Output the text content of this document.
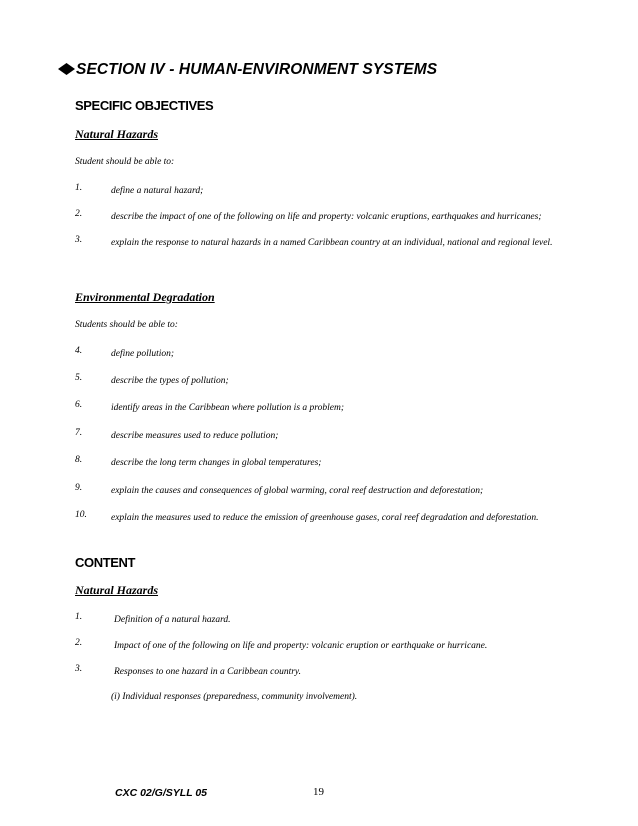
SECTION IV - HUMAN-ENVIRONMENT SYSTEMS
SPECIFIC OBJECTIVES
Natural Hazards
Student should be able to:
1.	define a natural hazard;
2.	describe the impact of one of the following on life and property: volcanic eruptions, earthquakes and hurricanes;
3.	explain the response to natural hazards in a named Caribbean country at an individual, national and regional level.
Environmental Degradation
Students should be able to:
4.	define pollution;
5.	describe the types of pollution;
6.	identify areas in the Caribbean where pollution is a problem;
7.	describe measures used to reduce pollution;
8.	describe the long term changes in global temperatures;
9.	explain the causes and consequences of global warming, coral reef destruction and deforestation;
10.	explain the measures used to reduce the emission of greenhouse gases, coral reef degradation and deforestation.
CONTENT
Natural Hazards
1.	Definition of a natural hazard.
2.	Impact of one of the following on life and property: volcanic eruption or earthquake or hurricane.
3.	Responses to one hazard in a Caribbean country.
(i) Individual responses (preparedness, community involvement).
CXC 02/G/SYLL 05	19
